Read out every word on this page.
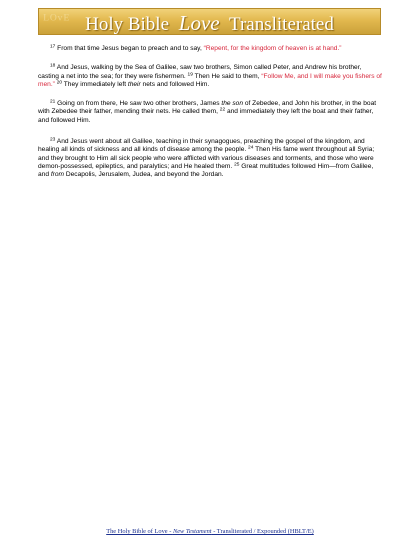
ᴸᴼᵛᴱ Holy Bible Love Transliterated

$^{17}$ From that time Jesus began to preach and to say, “Repent, for the kingdom of heaven is at hand.”

$^{18}$ And Jesus, walking by the Sea of Galilee, saw two brothers, Simon called Peter, and Andrew his brother, casting a net into the sea; for they were fishermen. $^{19}$ Then He said to them, “Follow Me, and I will make you fishers of men.” $^{20}$ They immediately left their nets and followed Him.

$^{21}$ Going on from there, He saw two other brothers, James the son of Zebedee, and John his brother, in the boat with Zebedee their father, mending their nets. He called them, $^{22}$ and immediately they left the boat and their father, and followed Him.

$^{23}$ And Jesus went about all Galilee, teaching in their synagogues, preaching the gospel of the kingdom, and healing all kinds of sickness and all kinds of disease among the people. $^{24}$ Then His fame went throughout all Syria; and they brought to Him all sick people who were afflicted with various diseases and torments, and those who were demon-possessed, epileptics, and paralytics; and He healed them. $^{25}$ Great multitudes followed Him—from Galilee, and from Decapolis, Jerusalem, Judea, and beyond the Jordan.

The Holy Bible of Love - New Testament - Transliterated / Expounded (HBLT/E)
